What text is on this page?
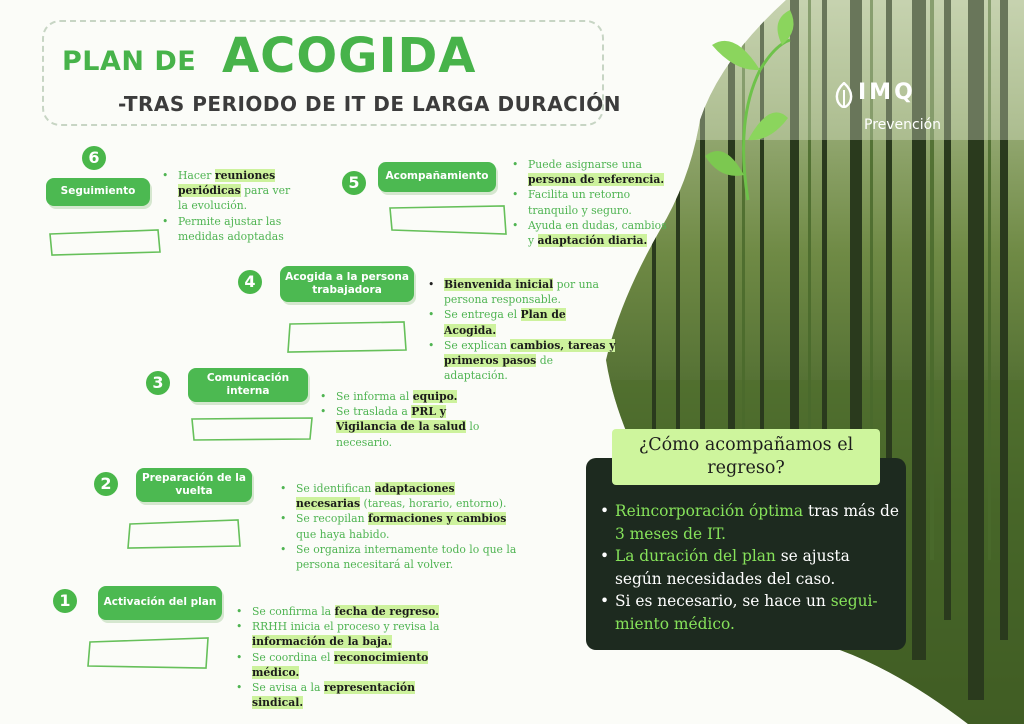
PLAN DE ACOGIDA
-TRAS PERIODO DE IT DE LARGA DURACIÓN	IMQ
Prevención
6
Seguimiento
• Hacer reuniones periódicas para ver la evolución.
• Permite ajustar las medidas adoptadas
5	Acompañamiento
• Puede asignarse una persona de referencia.
• Facilita un retorno tranquilo y seguro.
• Ayuda en dudas, cambios y adaptación diaria.
4	Acogida a la persona trabajadora	• Bienvenida inicial por una persona responsable.
• Se entrega el Plan de Acogida.
• Se explican cambios, tareas y primeros pasos de adaptación.
3	Comunicación interna	• Se informa al equipo.
• Se traslada a PRL y Vigilancia de la salud lo necesario.
2	Preparación de la vuelta	• Se identifican adaptaciones necesarias (tareas, horario, entorno).
• Se recopilan formaciones y cambios que haya habido.
• Se organiza internamente todo lo que la persona necesitará al volver.
1	Activación del plan
• Se confirma la fecha de regreso.
• RRHH inicia el proceso y revisa la información de la baja.
• Se coordina el reconocimiento médico.
• Se avisa a la representación sindical.
¿Cómo acompañamos el regreso?
• Reincorporación óptima tras más de 3 meses de IT.
• La duración del plan se ajusta según necesidades del caso.
• Si es necesario, se hace un segui-miento médico.
